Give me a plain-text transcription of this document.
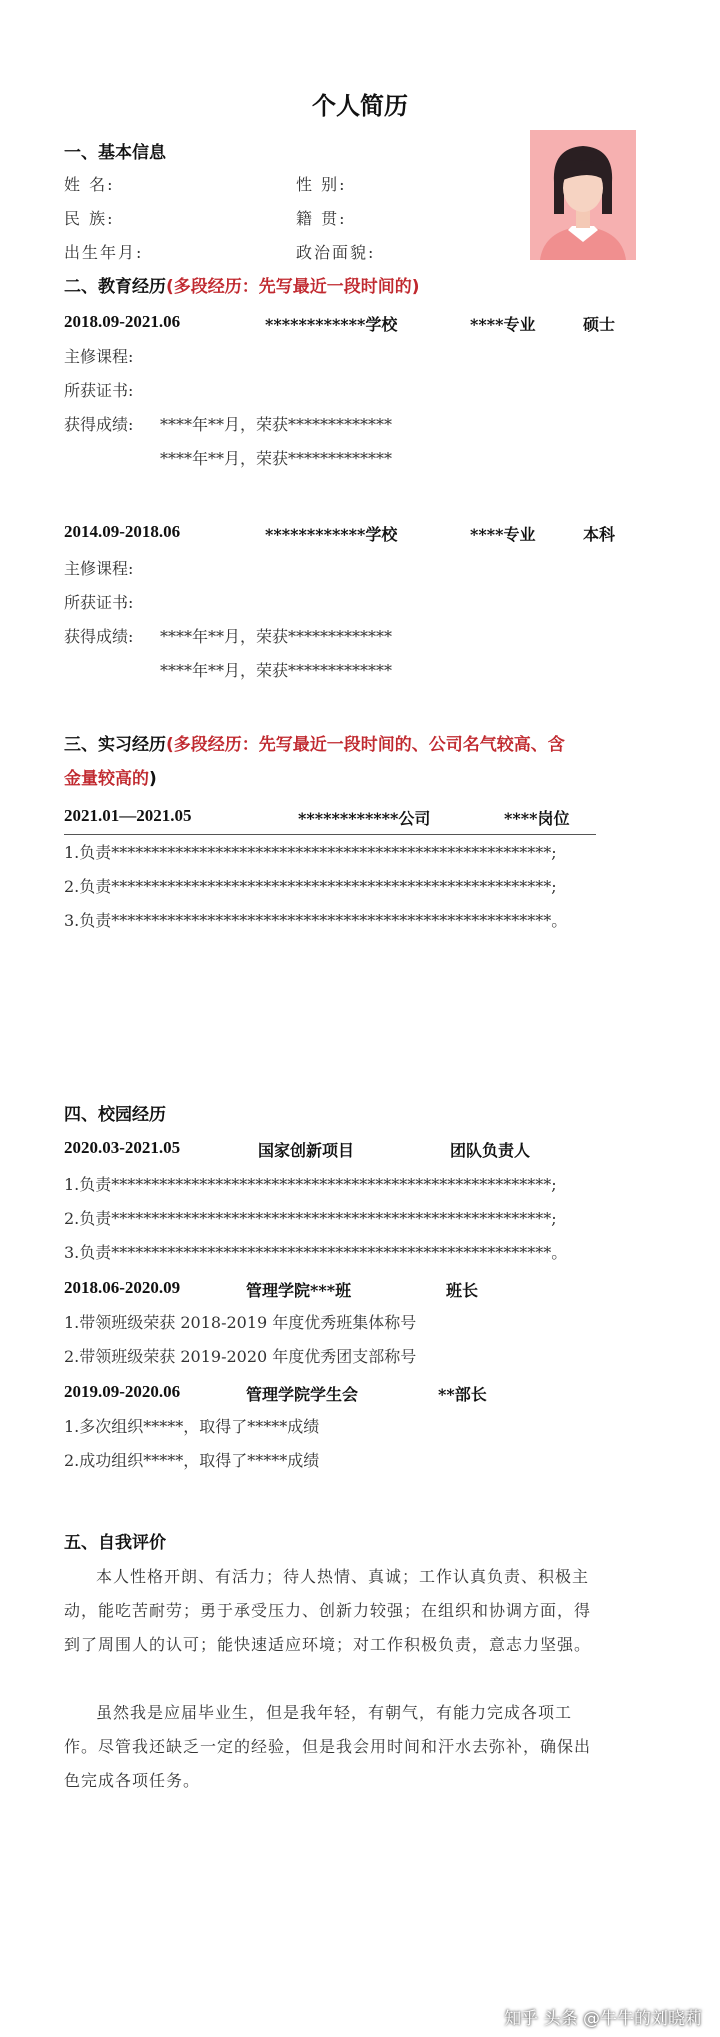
个人简历
一、基本信息
姓 名:	性 别:
民 族:	籍 贯:
出生年月:	政治面貌:
二、教育经历(多段经历：先写最近一段时间的)
2018.09-2021.06	************学校	****专业	硕士
主修课程:
所获证书:
获得成绩: ****年**月，荣获*************
****年**月，荣获*************
2014.09-2018.06	************学校	****专业	本科
主修课程:
所获证书:
获得成绩: ****年**月，荣获*************
****年**月，荣获*************
三、实习经历(多段经历：先写最近一段时间的、公司名气较高、含
金量较高的)
2021.01—2021.05	************公司	****岗位
1.负责*******************************************************;
2.负责*******************************************************;
3.负责*******************************************************。
四、校园经历
2020.03-2021.05	国家创新项目	团队负责人
1.负责*******************************************************;
2.负责*******************************************************;
3.负责*******************************************************。
2018.06-2020.09	管理学院***班	班长
1.带领班级荣获 2018-2019 年度优秀班集体称号
2.带领班级荣获 2019-2020 年度优秀团支部称号
2019.09-2020.06	管理学院学生会	**部长
1.多次组织*****，取得了*****成绩
2.成功组织*****，取得了*****成绩
五、自我评价
本人性格开朗、有活力；待人热情、真诚；工作认真负责、积极主动，能吃苦耐劳；勇于承受压力、创新力较强；在组织和协调方面，得到了周围人的认可；能快速适应环境；对工作积极负责，意志力坚强。
虽然我是应届毕业生，但是我年轻，有朝气，有能力完成各项工作。尽管我还缺乏一定的经验，但是我会用时间和汗水去弥补，确保出色完成各项任务。
知乎 头条 @牛牛的刘晓莉
